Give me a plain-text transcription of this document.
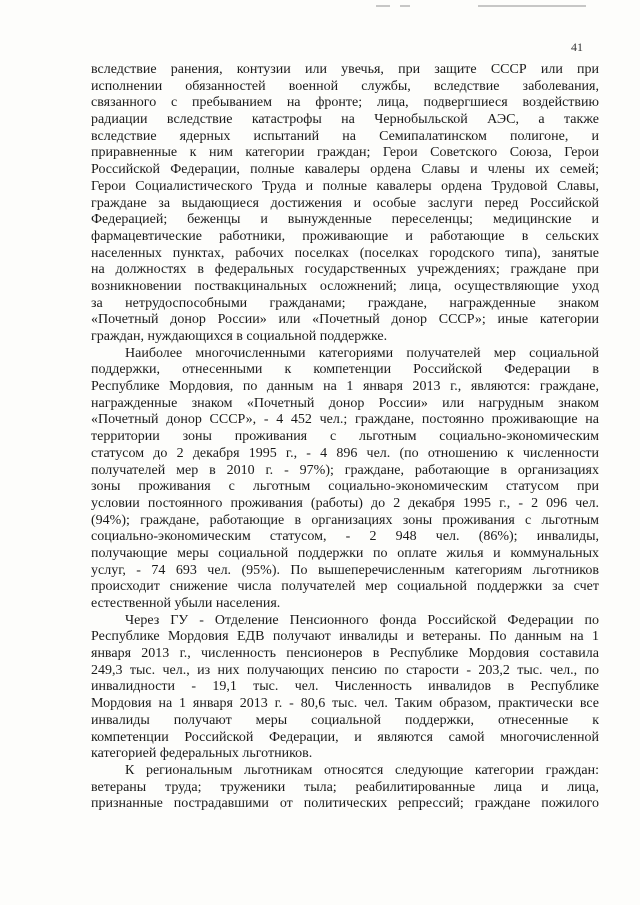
41
вследствие ранения, контузии или увечья, при защите СССР или при
исполнении обязанностей военной службы, вследствие заболевания,
связанного с пребыванием на фронте; лица, подвергшиеся воздействию
радиации вследствие катастрофы на Чернобыльской АЭС, а также
вследствие ядерных испытаний на Семипалатинском полигоне, и
приравненные к ним категории граждан; Герои Советского Союза, Герои
Российской Федерации, полные кавалеры ордена Славы и члены их семей;
Герои Социалистического Труда и полные кавалеры ордена Трудовой Славы,
граждане за выдающиеся достижения и особые заслуги перед Российской
Федерацией; беженцы и вынужденные переселенцы; медицинские и
фармацевтические работники, проживающие и работающие в сельских
населенных пунктах, рабочих поселках (поселках городского типа), занятые
на должностях в федеральных государственных учреждениях; граждане при
возникновении поствакцинальных осложнений; лица, осуществляющие уход
за нетрудоспособными гражданами; граждане, награжденные знаком
«Почетный донор России» или «Почетный донор СССР»; иные категории
граждан, нуждающихся в социальной поддержке.
Наиболее многочисленными категориями получателей мер социальной
поддержки, отнесенными к компетенции Российской Федерации в
Республике Мордовия, по данным на 1 января 2013 г., являются: граждане,
награжденные знаком «Почетный донор России» или нагрудным знаком
«Почетный донор СССР», - 4 452 чел.; граждане, постоянно проживающие на
территории зоны проживания с льготным социально-экономическим
статусом до 2 декабря 1995 г., - 4 896 чел. (по отношению к численности
получателей мер в 2010 г. - 97%); граждане, работающие в организациях
зоны проживания с льготным социально-экономическим статусом при
условии постоянного проживания (работы) до 2 декабря 1995 г., - 2 096 чел.
(94%); граждане, работающие в организациях зоны проживания с льготным
социально-экономическим статусом, - 2 948 чел. (86%); инвалиды,
получающие меры социальной поддержки по оплате жилья и коммунальных
услуг, - 74 693 чел. (95%). По вышеперечисленным категориям льготников
происходит снижение числа получателей мер социальной поддержки за счет
естественной убыли населения.
Через ГУ - Отделение Пенсионного фонда Российской Федерации по
Республике Мордовия ЕДВ получают инвалиды и ветераны. По данным на 1
января 2013 г., численность пенсионеров в Республике Мордовия составила
249,3 тыс. чел., из них получающих пенсию по старости - 203,2 тыс. чел., по
инвалидности - 19,1 тыс. чел. Численность инвалидов в Республике
Мордовия на 1 января 2013 г. - 80,6 тыс. чел. Таким образом, практически все
инвалиды получают меры социальной поддержки, отнесенные к
компетенции Российской Федерации, и являются самой многочисленной
категорией федеральных льготников.
К региональным льготникам относятся следующие категории граждан:
ветераны труда; труженики тыла; реабилитированные лица и лица,
признанные пострадавшими от политических репрессий; граждане пожилого
